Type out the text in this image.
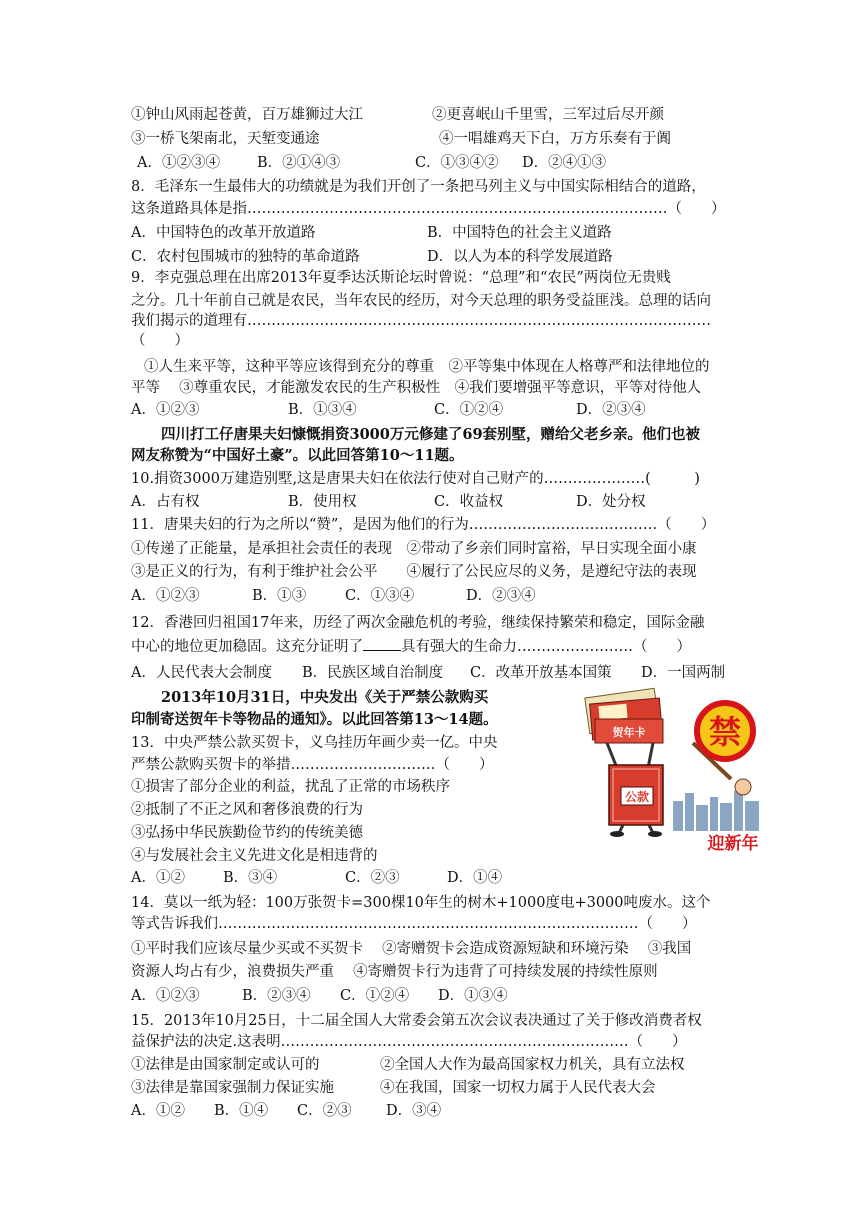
①钟山风雨起苍黄，百万雄狮过大江	②更喜岷山千里雪，三军过后尽开颜
③一桥飞架南北，天堑变通途	④一唱雄鸡天下白，万方乐奏有于阗
A．①②③④	B．②①④③	C．①③④② D．②④①③
8．毛泽东一生最伟大的功绩就是为我们开创了一条把马列主义与中国实际相结合的道路，
这条道路具体是指……………………………………………………………………………（　　）
A．中国特色的改革开放道路	B．中国特色的社会主义道路
C．农村包围城市的独特的革命道路	D．以人为本的科学发展道路
9．李克强总理在出席2013年夏季达沃斯论坛时曾说：“总理”和“农民”两岗位无贵贱
之分。几十年前自己就是农民，当年农民的经历，对今天总理的职务受益匪浅。总理的话向
我们揭示的道理有……………………………………………………………………………………
（　　）
①人生来平等，这种平等应该得到充分的尊重　②平等集中体现在人格尊严和法律地位的
平等　 ③尊重农民，才能激发农民的生产积极性　④我们要增强平等意识，平等对待他人
A．①②③	B．①③④	C．①②④	D．②③④
四川打工仔唐果夫妇慷慨捐资3000万元修建了69套别墅，赠给父老乡亲。他们也被
网友称赞为“中国好土豪”。以此回答第10～11题。
10.捐资3000万建造别墅,这是唐果夫妇在依法行使对自己财产的…………………(　　　)
A．占有权	B．使用权	C．收益权	D．处分权
11．唐果夫妇的行为之所以“赞”，是因为他们的行为…………………………………（　　）
①传递了正能量，是承担社会责任的表现　②带动了乡亲们同时富裕，早日实现全面小康
③是正义的行为，有利于维护社会公平　　④履行了公民应尽的义务，是遵纪守法的表现
A．①②③	B．①③	C．①③④	D．②③④
12．香港回归祖国17年来，历经了两次金融危机的考验，继续保持繁荣和稳定，国际金融
中心的地位更加稳固。这充分证明了	具有强大的生命力……………………（　　）
A．人民代表大会制度 B．民族区域自治制度 C．改革开放基本国策 D．一国两制
2013年10月31日，中央发出《关于严禁公款购买
印制寄送贺年卡等物品的通知》。以此回答第13～14题。
13．中央严禁公款买贺卡，义乌挂历年画少卖一亿。中央
严禁公款购买贺卡的举措…………………………（　　）
①损害了部分企业的利益，扰乱了正常的市场秩序
②抵制了不正之风和奢侈浪费的行为
③弘扬中华民族勤俭节约的传统美德
④与发展社会主义先进文化是相违背的
A．①②	B．③④	C．②③	D．①④
迎新年
贺年卡
公款
禁
14．莫以一纸为轻：100万张贺卡=300棵10年生的树木+1000度电+3000吨废水。这个
等式告诉我们……………………………………………………………………………（　　）
①平时我们应该尽量少买或不买贺卡　 ②寄赠贺卡会造成资源短缺和环境污染　 ③我国
资源人均占有少，浪费损失严重　 ④寄赠贺卡行为违背了可持续发展的持续性原则
A．①②③	B．②③④ C．①②④ D．①③④
15．2013年10月25日，十二届全国人大常委会第五次会议表决通过了关于修改消费者权
益保护法的决定.这表明………………………………………………………………（　　）
①法律是由国家制定或认可的	②全国人大作为最高国家权力机关，具有立法权
③法律是靠国家强制力保证实施	④在我国，国家一切权力属于人民代表大会
A．①② B．①④ C．②③ D．③④
